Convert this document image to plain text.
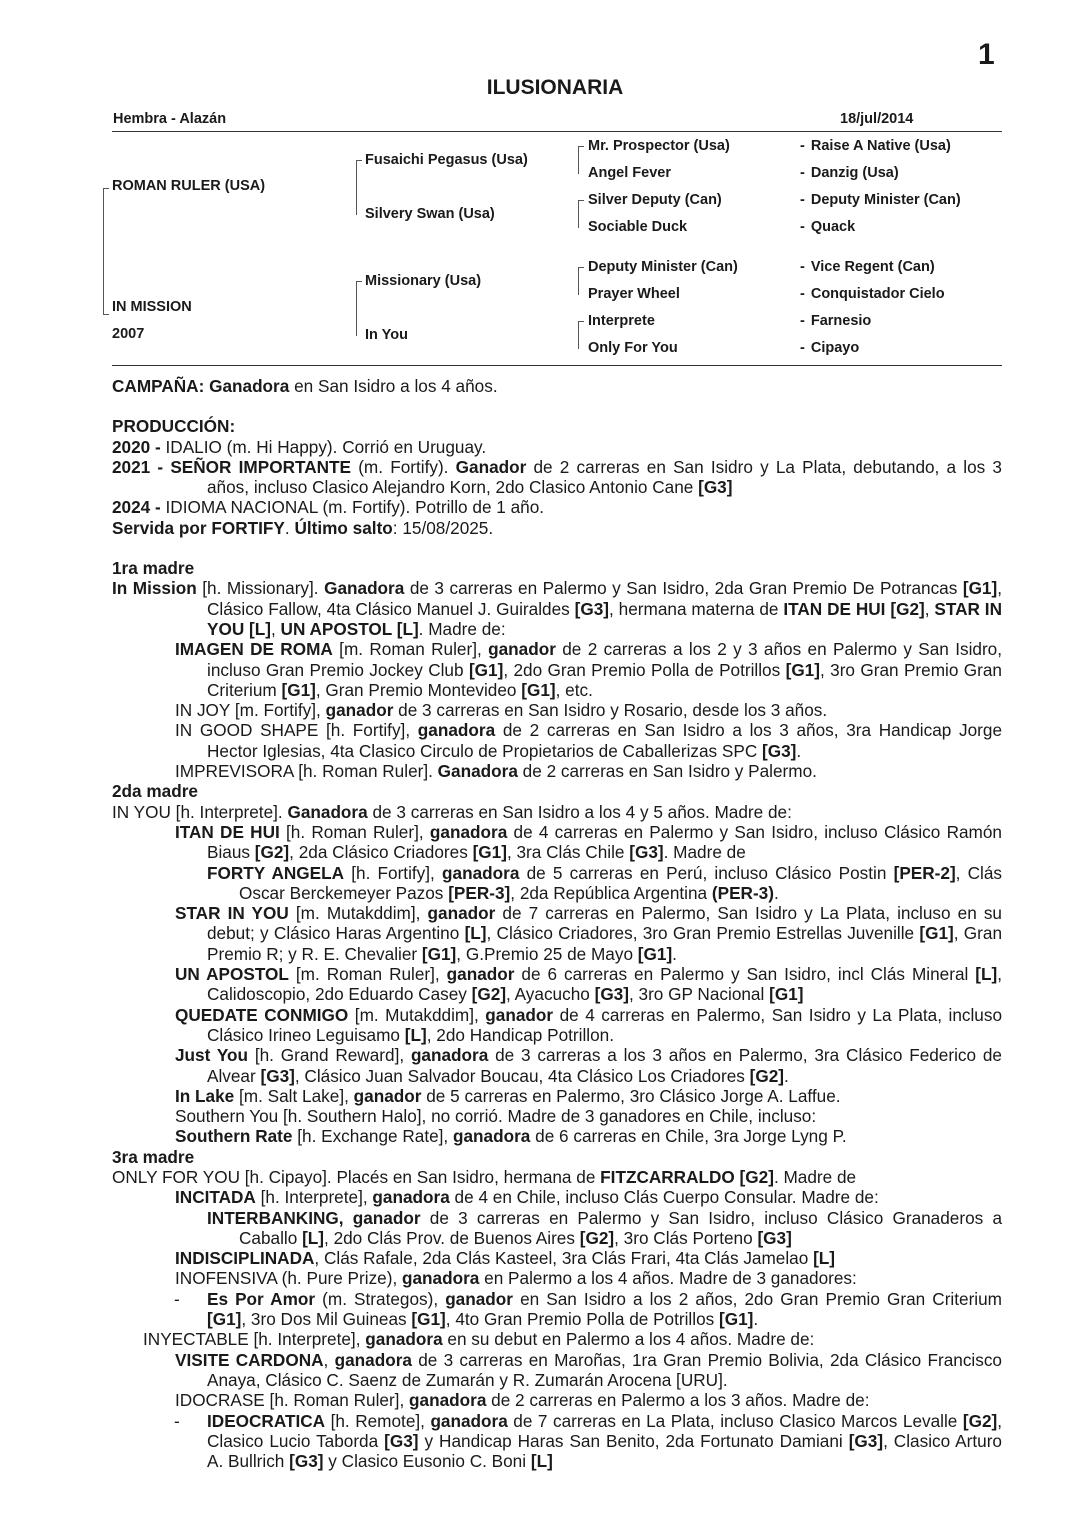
1
ILUSIONARIA
Hembra - Alazán	18/jul/2014
ROMAN RULER (USA)
IN MISSION
2007
Fusaichi Pegasus (Usa)
Silvery Swan (Usa)
Missionary (Usa)
In You
Mr. Prospector (Usa)
Angel Fever
Silver Deputy (Can)
Sociable Duck
Deputy Minister (Can)
Prayer Wheel
Interprete
Only For You
- Raise A Native (Usa)
- Danzig (Usa)
- Deputy Minister (Can)
- Quack
- Vice Regent (Can)
- Conquistador Cielo
- Farnesio
- Cipayo

CAMPAÑA: Ganadora en San Isidro a los 4 años.

PRODUCCIÓN:

2020 - IDALIO (m. Hi Happy). Corrió en Uruguay.

2021 - SEÑOR IMPORTANTE (m. Fortify). Ganador de 2 carreras en San Isidro y La Plata, debutando, a los 3 años, incluso Clasico Alejandro Korn, 2do Clasico Antonio Cane [G3]

2024 - IDIOMA NACIONAL (m. Fortify). Potrillo de 1 año.

Servida por FORTIFY. Último salto: 15/08/2025.

1ra madre

In Mission [h. Missionary]. Ganadora de 3 carreras en Palermo y San Isidro, 2da Gran Premio De Potrancas [G1], Clásico Fallow, 4ta Clásico Manuel J. Guiraldes [G3], hermana materna de ITAN DE HUI [G2], STAR IN YOU [L], UN APOSTOL [L]. Madre de:

IMAGEN DE ROMA [m. Roman Ruler], ganador de 2 carreras a los 2 y 3 años en Palermo y San Isidro, incluso Gran Premio Jockey Club [G1], 2do Gran Premio Polla de Potrillos [G1], 3ro Gran Premio Gran Criterium [G1], Gran Premio Montevideo [G1], etc.

IN JOY [m. Fortify], ganador de 3 carreras en San Isidro y Rosario, desde los 3 años.

IN GOOD SHAPE [h. Fortify], ganadora de 2 carreras en San Isidro a los 3 años, 3ra Handicap Jorge Hector Iglesias, 4ta Clasico Circulo de Propietarios de Caballerizas SPC [G3].

IMPREVISORA [h. Roman Ruler]. Ganadora de 2 carreras en San Isidro y Palermo.

2da madre

IN YOU [h. Interprete]. Ganadora de 3 carreras en San Isidro a los 4 y 5 años. Madre de:

ITAN DE HUI [h. Roman Ruler], ganadora de 4 carreras en Palermo y San Isidro, incluso Clásico Ramón Biaus [G2], 2da Clásico Criadores [G1], 3ra Clás Chile [G3]. Madre de

FORTY ANGELA [h. Fortify], ganadora de 5 carreras en Perú, incluso Clásico Postin [PER-2], Clás Oscar Berckemeyer Pazos [PER-3], 2da República Argentina (PER-3).

STAR IN YOU [m. Mutakddim], ganador de 7 carreras en Palermo, San Isidro y La Plata, incluso en su debut; y Clásico Haras Argentino [L], Clásico Criadores, 3ro Gran Premio Estrellas Juvenille [G1], Gran Premio R; y R. E. Chevalier [G1], G.Premio 25 de Mayo [G1].

UN APOSTOL [m. Roman Ruler], ganador de 6 carreras en Palermo y San Isidro, incl Clás Mineral [L], Calidoscopio, 2do Eduardo Casey [G2], Ayacucho [G3], 3ro GP Nacional [G1]

QUEDATE CONMIGO [m. Mutakddim], ganador de 4 carreras en Palermo, San Isidro y La Plata, incluso Clásico Irineo Leguisamo [L], 2do Handicap Potrillon.

Just You [h. Grand Reward], ganadora de 3 carreras a los 3 años en Palermo, 3ra Clásico Federico de Alvear [G3], Clásico Juan Salvador Boucau, 4ta Clásico Los Criadores [G2].

In Lake [m. Salt Lake], ganador de 5 carreras en Palermo, 3ro Clásico Jorge A. Laffue.

Southern You [h. Southern Halo], no corrió. Madre de 3 ganadores en Chile, incluso:

Southern Rate [h. Exchange Rate], ganadora de 6 carreras en Chile, 3ra Jorge Lyng P.

3ra madre

ONLY FOR YOU [h. Cipayo]. Placés en San Isidro, hermana de FITZCARRALDO [G2]. Madre de

INCITADA [h. Interprete], ganadora de 4 en Chile, incluso Clás Cuerpo Consular. Madre de:

INTERBANKING, ganador de 3 carreras en Palermo y San Isidro, incluso Clásico Granaderos a Caballo [L], 2do Clás Prov. de Buenos Aires [G2], 3ro Clás Porteno [G3]

INDISCIPLINADA, Clás Rafale, 2da Clás Kasteel, 3ra Clás Frari, 4ta Clás Jamelao [L]

INOFENSIVA (h. Pure Prize), ganadora en Palermo a los 4 años. Madre de 3 ganadores:

- Es Por Amor (m. Strategos), ganador en San Isidro a los 2 años, 2do Gran Premio Gran Criterium [G1], 3ro Dos Mil Guineas [G1], 4to Gran Premio Polla de Potrillos [G1].

INYECTABLE [h. Interprete], ganadora en su debut en Palermo a los 4 años. Madre de:

VISITE CARDONA, ganadora de 3 carreras en Maroñas, 1ra Gran Premio Bolivia, 2da Clásico Francisco Anaya, Clásico C. Saenz de Zumarán y R. Zumarán Arocena [URU].

IDOCRASE [h. Roman Ruler], ganadora de 2 carreras en Palermo a los 3 años. Madre de:

- IDEOCRATICA [h. Remote], ganadora de 7 carreras en La Plata, incluso Clasico Marcos Levalle [G2], Clasico Lucio Taborda [G3] y Handicap Haras San Benito, 2da Fortunato Damiani [G3], Clasico Arturo A. Bullrich [G3] y Clasico Eusonio C. Boni [L]
